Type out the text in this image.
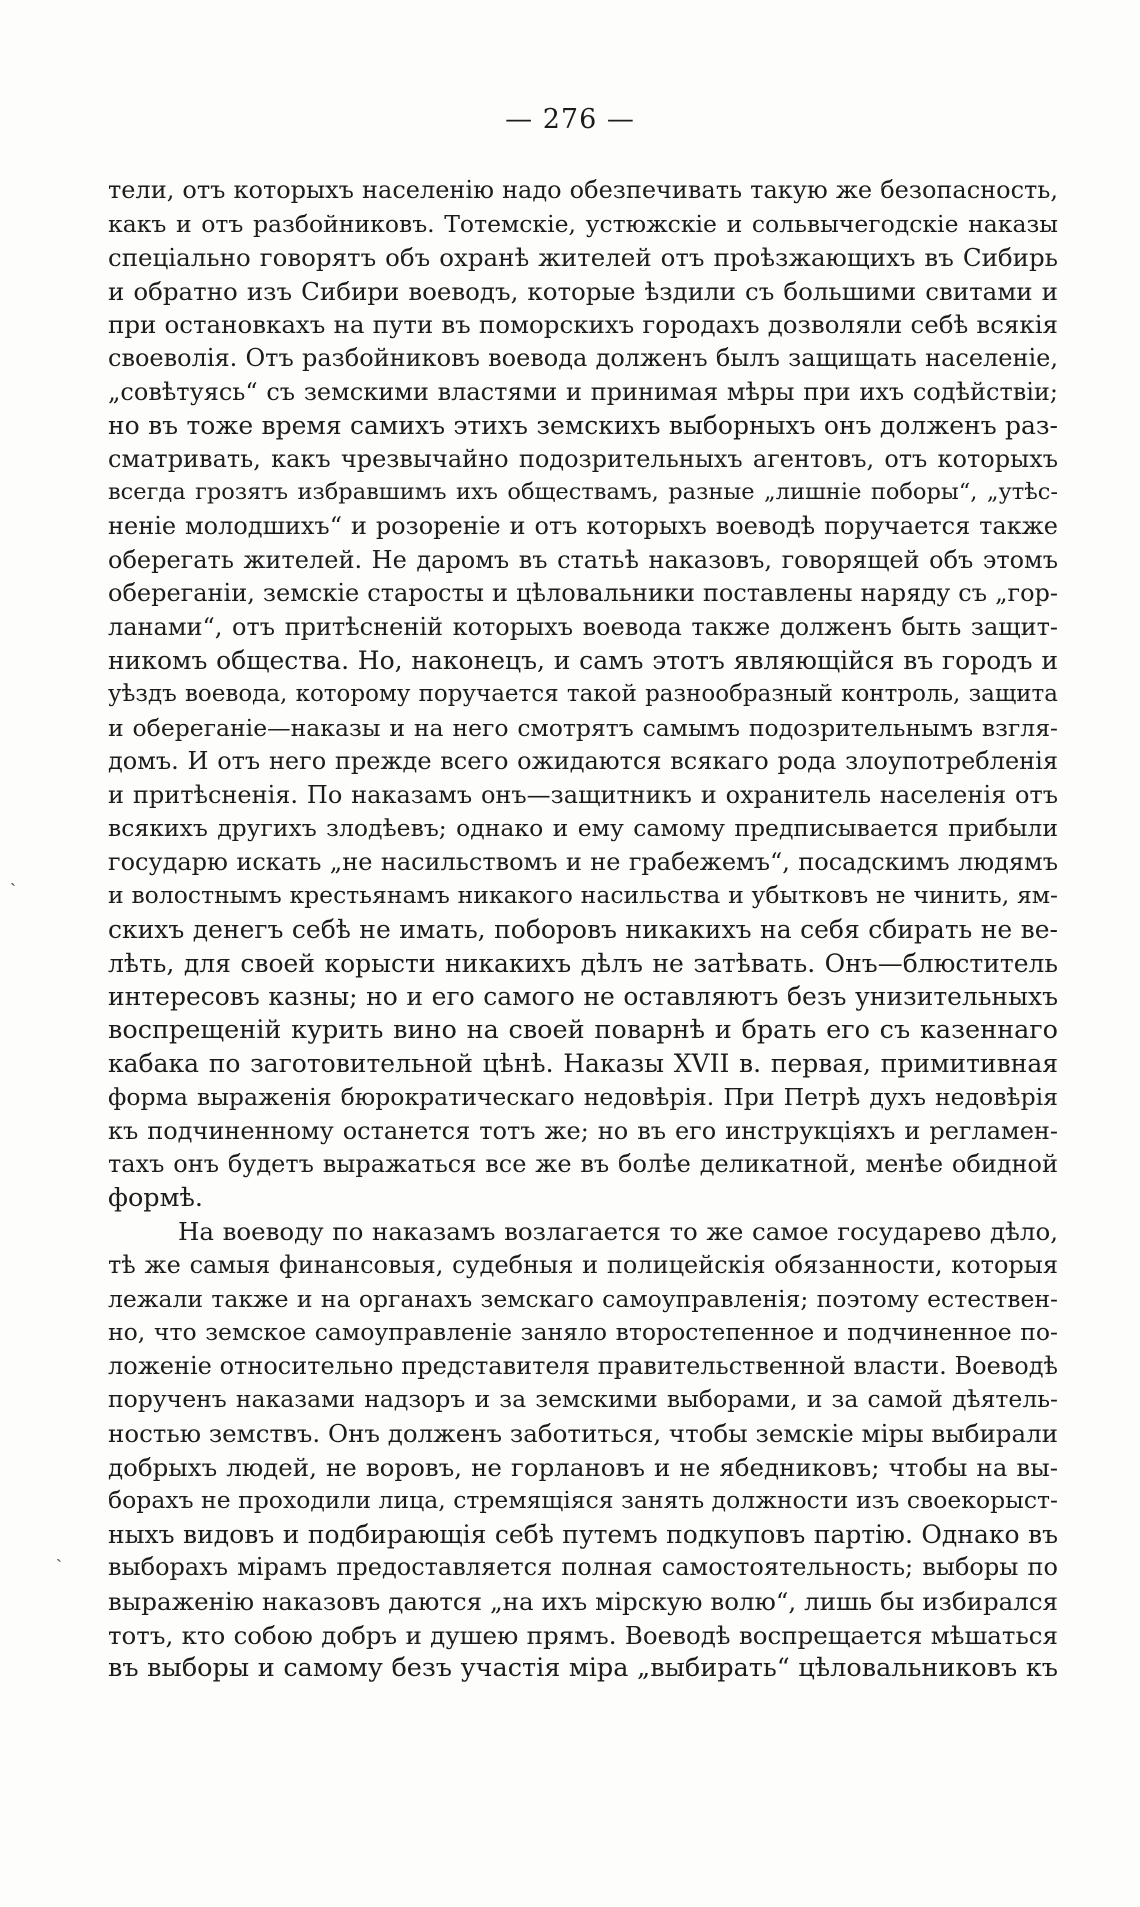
— 276 —
тели, отъ которыхъ населенію надо обезпечивать такую же безопасность,
какъ и отъ разбойниковъ. Тотемскіе, устюжскіе и сольвычегодскіе наказы
спеціально говорятъ объ охранѣ жителей отъ проѣзжающихъ въ Сибирь
и обратно изъ Сибири воеводъ, которые ѣздили съ большими свитами и
при остановкахъ на пути въ поморскихъ городахъ дозволяли себѣ всякія
своеволія. Отъ разбойниковъ воевода долженъ былъ защищать населеніе,
„совѣтуясь“ съ земскими властями и принимая мѣры при ихъ содѣйствіи;
но въ тоже время самихъ этихъ земскихъ выборныхъ онъ долженъ раз-
сматривать, какъ чрезвычайно подозрительныхъ агентовъ, отъ которыхъ
всегда грозятъ избравшимъ ихъ обществамъ, разные „лишніе поборы“, „утѣс-
неніе молодшихъ“ и розореніе и отъ которыхъ воеводѣ поручается также
оберегать жителей. Не даромъ въ статьѣ наказовъ, говорящей объ этомъ
обереганіи, земскіе старосты и цѣловальники поставлены наряду съ „гор-
ланами“, отъ притѣсненій которыхъ воевода также долженъ быть защит-
никомъ общества. Но, наконецъ, и самъ этотъ являющійся въ городъ и
уѣздъ воевода, которому поручается такой разнообразный контроль, защита
и обереганіе—наказы и на него смотрятъ самымъ подозрительнымъ взгля-
домъ. И отъ него прежде всего ожидаются всякаго рода злоупотребленія
и притѣсненія. По наказамъ онъ—защитникъ и охранитель населенія отъ
всякихъ другихъ злодѣевъ; однако и ему самому предписывается прибыли
государю искать „не насильствомъ и не грабежемъ“, посадскимъ людямъ
и волостнымъ крестьянамъ никакого насильства и убытковъ не чинить, ям-
скихъ денегъ себѣ не имать, поборовъ никакихъ на себя сбирать не ве-
лѣть, для своей корысти никакихъ дѣлъ не затѣвать. Онъ—блюститель
интересовъ казны; но и его самого не оставляютъ безъ унизительныхъ
воспрещеній курить вино на своей поварнѣ и брать его съ казеннаго
кабака по заготовительной цѣнѣ. Наказы XVII в. первая, примитивная
форма выраженія бюрократическаго недовѣрія. При Петрѣ духъ недовѣрія
къ подчиненному останется тотъ же; но въ его инструкціяхъ и регламен-
тахъ онъ будетъ выражаться все же въ болѣе деликатной, менѣе обидной
формѣ.
На воеводу по наказамъ возлагается то же самое государево дѣло,
тѣ же самыя финансовыя, судебныя и полицейскія обязанности, которыя
лежали также и на органахъ земскаго самоуправленія; поэтому естествен-
но, что земское самоуправленіе заняло второстепенное и подчиненное по-
ложеніе относительно представителя правительственной власти. Воеводѣ
порученъ наказами надзоръ и за земскими выборами, и за самой дѣятель-
ностью земствъ. Онъ долженъ заботиться, чтобы земскіе міры выбирали
добрыхъ людей, не воровъ, не горлановъ и не ябедниковъ; чтобы на вы-
борахъ не проходили лица, стремящіяся занять должности изъ своекорыст-
ныхъ видовъ и подбирающія себѣ путемъ подкуповъ партію. Однако въ
выборахъ мірамъ предоставляется полная самостоятельность; выборы по
выраженію наказовъ даются „на ихъ мірскую волю“, лишь бы избирался
тотъ, кто собою добръ и душею прямъ. Воеводѣ воспрещается мѣшаться
въ выборы и самому безъ участія міра „выбирать“ цѣловальниковъ къ
ˏ
ˎ
